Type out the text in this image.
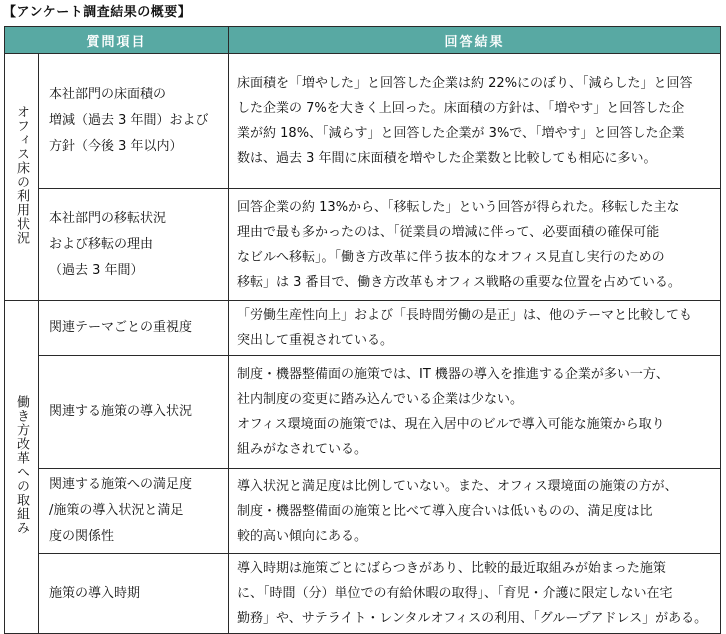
【アンケート調査結果の概要】
質問項目		回答結果
オフィス床の利用状況	本社部門の床面積の
増減（過去 3 年間）および
方針（今後 3 年以内）	床面積を「増やした」と回答した企業は約 22%にのぼり、「減らした」と回答
した企業の 7%を大きく上回った。床面積の方針は、「増やす」と回答した企
業が約 18%、「減らす」と回答した企業が 3%で、「増やす」と回答した企業
数は、過去 3 年間に床面積を増やした企業数と比較しても相応に多い。

	本社部門の移転状況
および移転の理由
（過去 3 年間）	回答企業の約 13%から、「移転した」という回答が得られた。移転した主な
理由で最も多かったのは、「従業員の増減に伴って、必要面積の確保可能
なビルへ移転」。「働き方改革に伴う抜本的なオフィス見直し実行のための
移転」は 3 番目で、働き方改革もオフィス戦略の重要な位置を占めている。

働き方改革への取組み	関連テーマごとの重視度	「労働生産性向上」および「長時間労働の是正」は、他のテーマと比較しても
突出して重視されている。

	関連する施策の導入状況	制度・機器整備面の施策では、IT 機器の導入を推進する企業が多い一方、
社内制度の変更に踏み込んでいる企業は少ない。
オフィス環境面の施策では、現在入居中のビルで導入可能な施策から取り
組みがなされている。

	関連する施策への満足度
/施策の導入状況と満足
度の関係性	導入状況と満足度は比例していない。また、オフィス環境面の施策の方が、
制度・機器整備面の施策と比べて導入度合いは低いものの、満足度は比
較的高い傾向にある。

	施策の導入時期	導入時期は施策ごとにばらつきがあり、比較的最近取組みが始まった施策
に、「時間（分）単位での有給休暇の取得」、「育児・介護に限定しない在宅
勤務」や、サテライト・レンタルオフィスの利用、「グループアドレス」がある。
